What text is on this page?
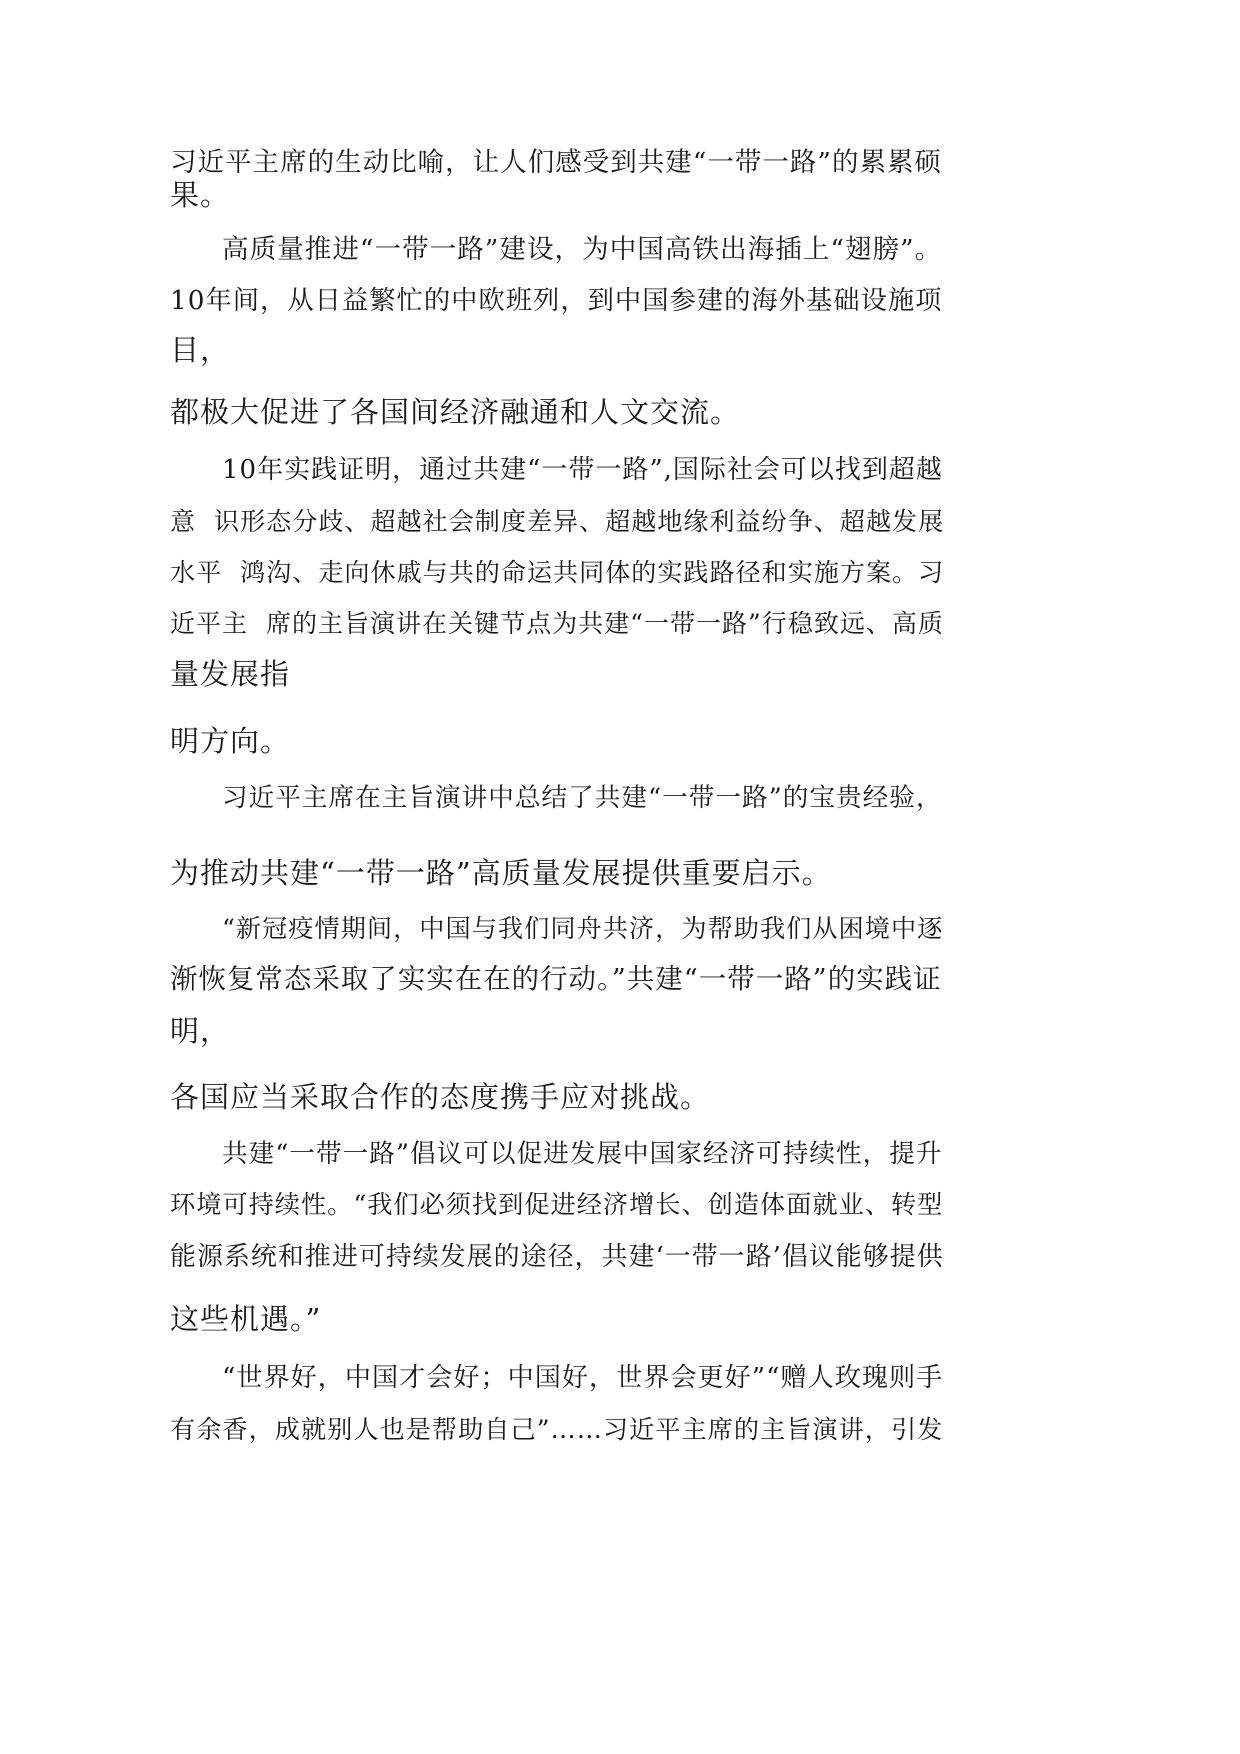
习近平主席的生动比喻，让人们感受到共建“一带一路”的累累硕
果。
高质量推进“一带一路”建设，为中国高铁出海插上“翅膀”。
10年间，从日益繁忙的中欧班列，到中国参建的海外基础设施项
目，
都极大促进了各国间经济融通和人文交流。
10年实践证明，通过共建“一带一路”,国际社会可以找到超越
意  识形态分歧、超越社会制度差异、超越地缘利益纷争、超越发展
水平  鸿沟、走向休戚与共的命运共同体的实践路径和实施方案。习
近平主  席的主旨演讲在关键节点为共建“一带一路”行稳致远、高质
量发展指
明方向。
习近平主席在主旨演讲中总结了共建“一带一路”的宝贵经验，
为推动共建“一带一路”高质量发展提供重要启示。
“新冠疫情期间，中国与我们同舟共济，为帮助我们从困境中逐
渐恢复常态采取了实实在在的行动。”共建“一带一路”的实践证
明，
各国应当采取合作的态度携手应对挑战。
共建“一带一路”倡议可以促进发展中国家经济可持续性，提升
环境可持续性。“我们必须找到促进经济增长、创造体面就业、转型
能源系统和推进可持续发展的途径，共建‘一带一路’倡议能够提供
这些机遇。”
“世界好，中国才会好；中国好，世界会更好”“赠人玫瑰则手
有余香，成就别人也是帮助自己”……习近平主席的主旨演讲，引发
